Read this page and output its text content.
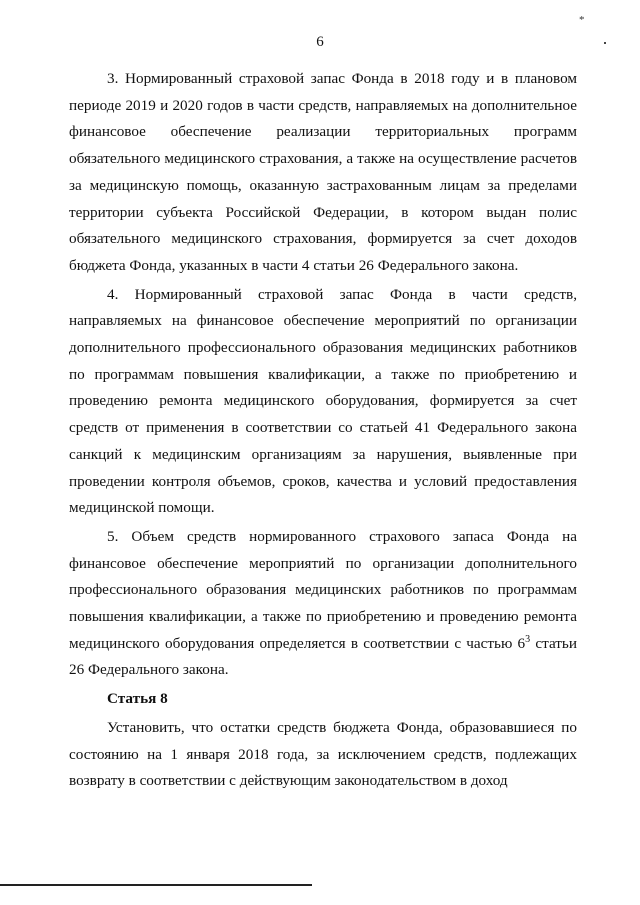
*
6

3. Нормированный страховой запас Фонда в 2018 году и в плановом периоде 2019 и 2020 годов в части средств, направляемых на дополнительное финансовое обеспечение реализации территориальных программ обязательного медицинского страхования, а также на осуществление расчетов за медицинскую помощь, оказанную застрахованным лицам за пределами территории субъекта Российской Федерации, в котором выдан полис обязательного медицинского страхования, формируется за счет доходов бюджета Фонда, указанных в части 4 статьи 26 Федерального закона.

4. Нормированный страховой запас Фонда в части средств, направляемых на финансовое обеспечение мероприятий по организации дополнительного профессионального образования медицинских работников по программам повышения квалификации, а также по приобретению и проведению ремонта медицинского оборудования, формируется за счет средств от применения в соответствии со статьей 41 Федерального закона санкций к медицинским организациям за нарушения, выявленные при проведении контроля объемов, сроков, качества и условий предоставления медицинской помощи.

5. Объем средств нормированного страхового запаса Фонда на финансовое обеспечение мероприятий по организации дополнительного профессионального образования медицинских работников по программам повышения квалификации, а также по приобретению и проведению ремонта медицинского оборудования определяется в соответствии с частью $6^3$ статьи 26 Федерального закона.

Статья 8

Установить, что остатки средств бюджета Фонда, образовавшиеся по состоянию на 1 января 2018 года, за исключением средств, подлежащих возврату в соответствии с действующим законодательством в доход
